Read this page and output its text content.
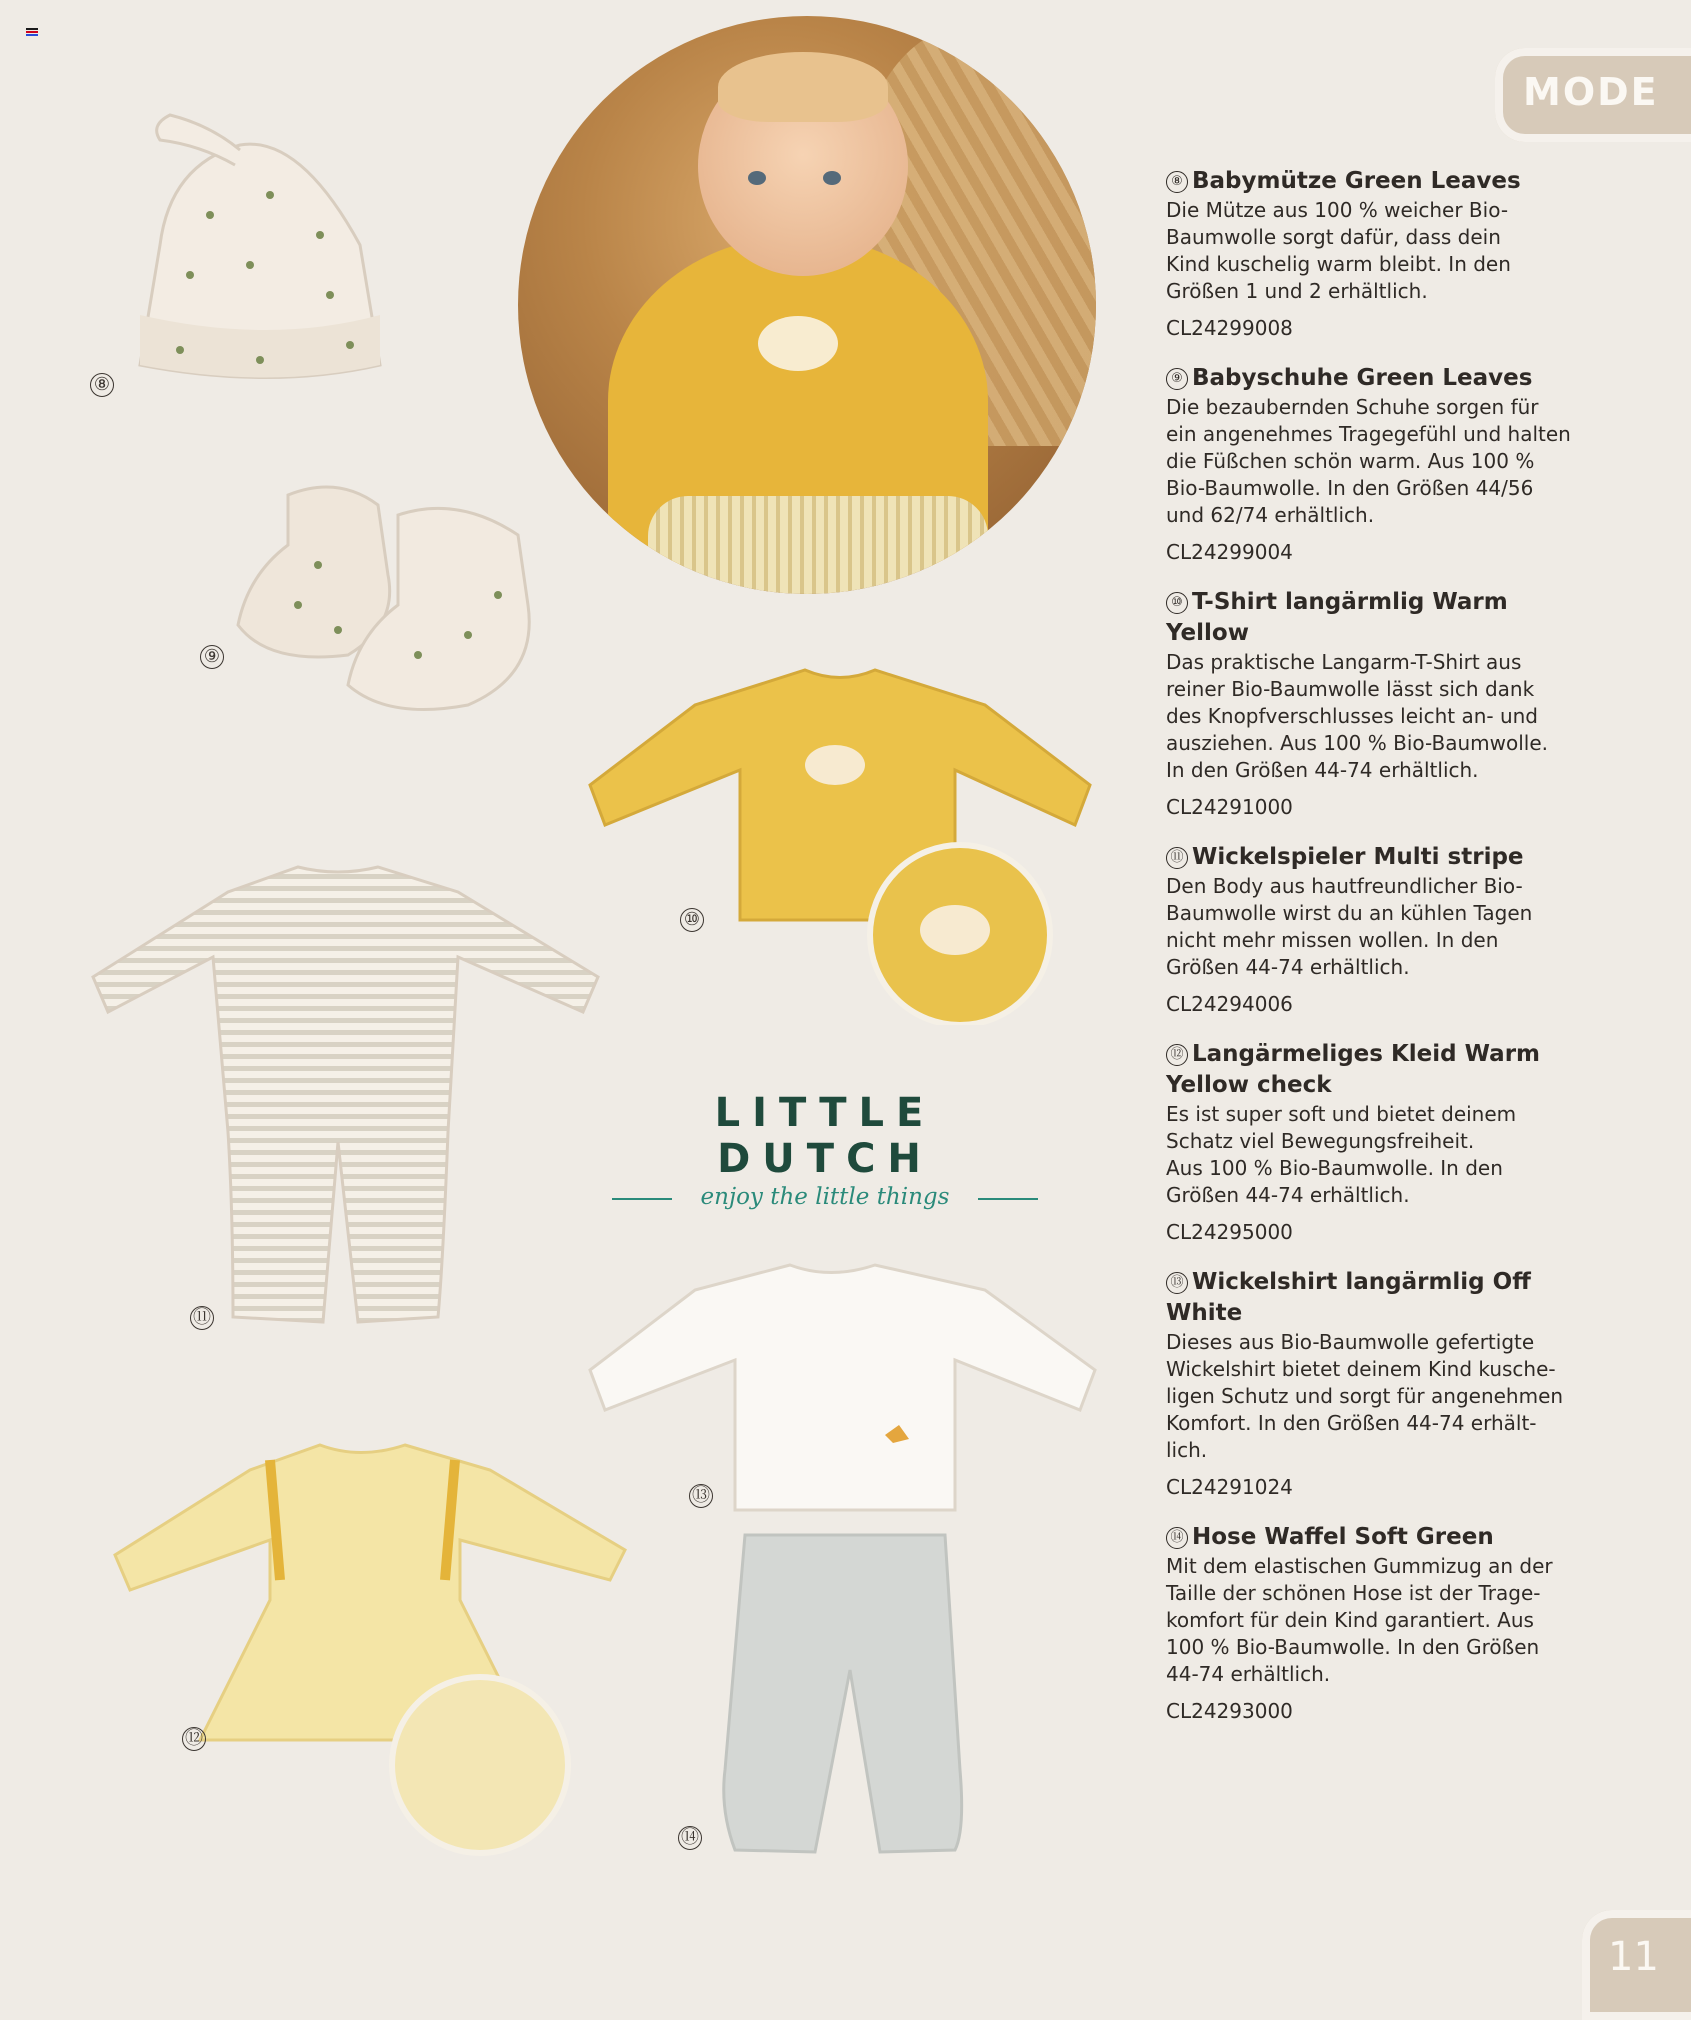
MODE
⑧
⑨
⑩
⑪
LITTLE DUTCH
enjoy the little things
⑫
⑬
⑭
⑧ Babymütze Green Leaves
Die Mütze aus 100 % weicher Bio-
Baumwolle sorgt dafür, dass dein
Kind kuschelig warm bleibt. In den
Größen 1 und 2 erhältlich.
CL24299008
⑨ Babyschuhe Green Leaves
Die bezaubernden Schuhe sorgen für
ein angenehmes Tragegefühl und halten
die Füßchen schön warm. Aus 100 %
Bio-Baumwolle. In den Größen 44/56
und 62/74 erhältlich.
CL24299004
⑩ T-Shirt langärmlig Warm Yellow
Das praktische Langarm-T-Shirt aus
reiner Bio-Baumwolle lässt sich dank
des Knopfverschlusses leicht an- und
ausziehen. Aus 100 % Bio-Baumwolle.
In den Größen 44-74 erhältlich.
CL24291000
⑪ Wickelspieler Multi stripe
Den Body aus hautfreundlicher Bio-
Baumwolle wirst du an kühlen Tagen
nicht mehr missen wollen. In den
Größen 44-74 erhältlich.
CL24294006
⑫ Langärmeliges Kleid Warm Yellow check
Es ist super soft und bietet deinem
Schatz viel Bewegungsfreiheit.
Aus 100 % Bio-Baumwolle. In den
Größen 44-74 erhältlich.
CL24295000
⑬ Wickelshirt langärmlig Off White
Dieses aus Bio-Baumwolle gefertigte
Wickelshirt bietet deinem Kind kusche-
ligen Schutz und sorgt für angenehmen
Komfort. In den Größen 44-74 erhält-
lich.
CL24291024
⑭ Hose Waffel Soft Green
Mit dem elastischen Gummizug an der
Taille der schönen Hose ist der Trage-
komfort für dein Kind garantiert. Aus
100 % Bio-Baumwolle. In den Größen
44-74 erhältlich.
CL24293000
11
